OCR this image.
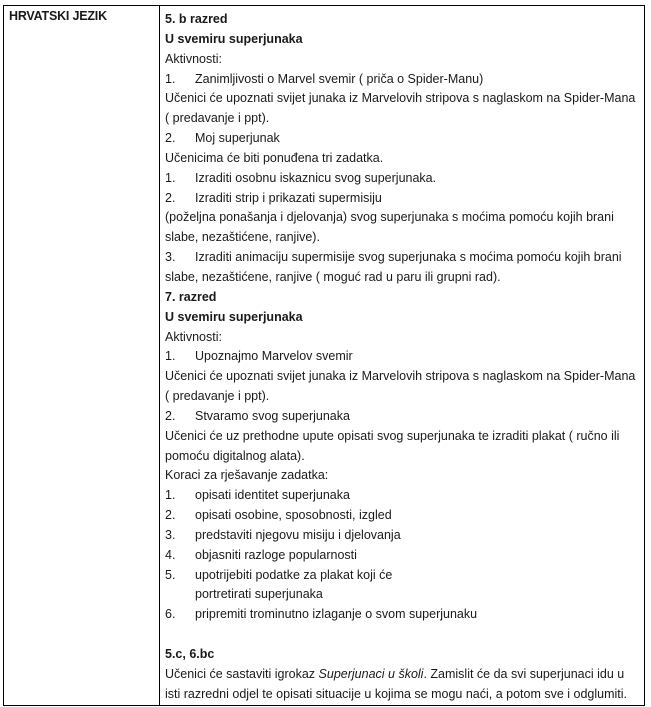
HRVATSKI JEZIK	5. b razred
U svemiru superjunaka
Aktivnosti:
1.	Zanimljivosti o Marvel svemir ( priča o Spider-Manu)
Učenici će upoznati svijet junaka iz Marvelovih stripova s naglaskom na Spider-Mana
( predavanje i ppt).
2.	Moj superjunak
Učenicima će biti ponuđena tri zadatka.
1.	Izraditi osobnu iskaznicu svog superjunaka.
2.	Izraditi strip i prikazati supermisiju
(poželjna ponašanja i djelovanja) svog superjunaka s moćima pomoću kojih brani
slabe, nezaštićene, ranjive).
3.	Izraditi animaciju supermisije svog superjunaka s moćima pomoću kojih brani
slabe, nezaštićene, ranjive ( moguć rad u paru ili grupni rad).
7. razred
U svemiru superjunaka
Aktivnosti:
1.	Upoznajmo Marvelov svemir
Učenici će upoznati svijet junaka iz Marvelovih stripova s naglaskom na Spider-Mana
( predavanje i ppt).
2.	Stvaramo svog superjunaka
Učenici će uz prethodne upute opisati svog superjunaka te izraditi plakat ( ručno ili
pomoću digitalnog alata).
Koraci za rješavanje zadatka:
1.	opisati identitet superjunaka
2.	opisati osobine, sposobnosti, izgled
3.	predstaviti njegovu misiju i djelovanja
4.	objasniti razloge popularnosti
5.	upotrijebiti podatke za plakat koji će
portretirati superjunaka
6.	pripremiti trominutno izlaganje o svom superjunaku
5.c, 6.bc
Učenici će sastaviti igrokaz Superjunaci u školi. Zamislit će da svi superjunaci idu u isti razredni odjel te opisati situacije u kojima se mogu naći, a potom sve i odglumiti.
